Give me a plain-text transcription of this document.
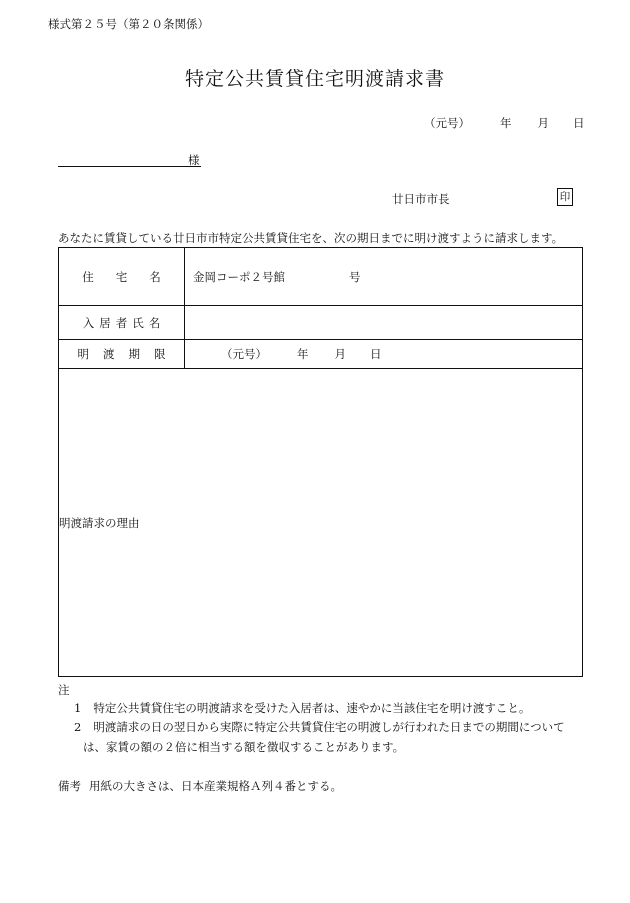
様式第２５号（第２０条関係）
特定公共賃貸住宅明渡請求書
（元号）	年 月 日
様
廿日市市長	印
あなたに賃貸している廿日市市特定公共賃貸住宅を、次の期日までに明け渡すように請求します。
住宅名	金岡コーポ２号館 号
入居者氏名	
明渡期限	（元号） 年 月 日
明渡請求の理由	
注
1 特定公共賃貸住宅の明渡請求を受けた入居者は、速やかに当該住宅を明け渡すこと。
2 明渡請求の日の翌日から実際に特定公共賃貸住宅の明渡しが行われた日までの期間について
は、家賃の額の２倍に相当する額を徴収することがあります。
備考 用紙の大きさは、日本産業規格Ａ列４番とする。
